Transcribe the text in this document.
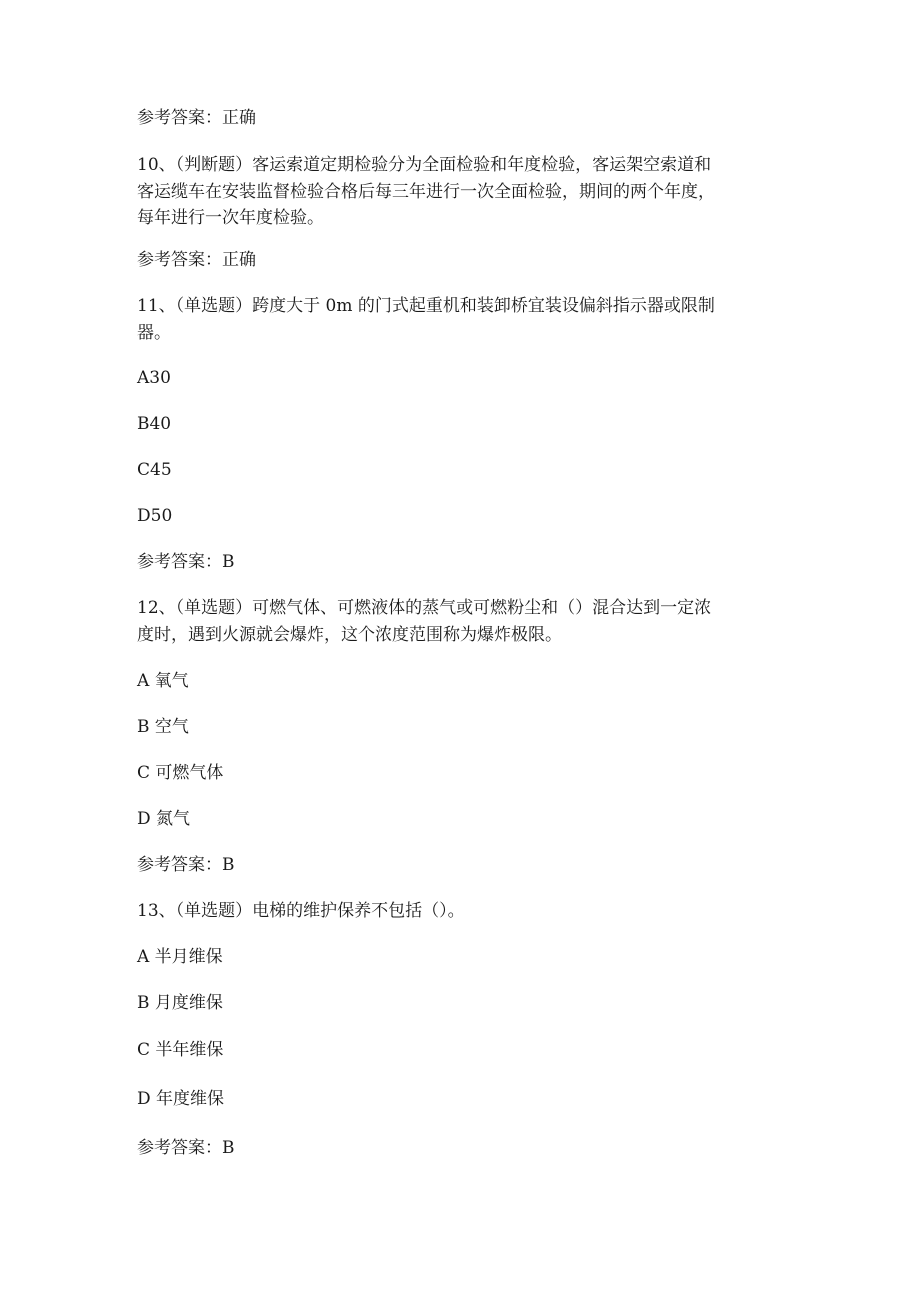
参考答案：正确
10、（判断题）客运索道定期检验分为全面检验和年度检验，客运架空索道和
客运缆车在安装监督检验合格后每三年进行一次全面检验，期间的两个年度，
每年进行一次年度检验。
参考答案：正确
11、（单选题）跨度大于 0m 的门式起重机和装卸桥宜装设偏斜指示器或限制
器。
A30
B40
C45
D50
参考答案：B
12、（单选题）可燃气体、可燃液体的蒸气或可燃粉尘和（）混合达到一定浓
度时，遇到火源就会爆炸，这个浓度范围称为爆炸极限。
A 氧气
B 空气
C 可燃气体
D 氮气
参考答案：B
13、（单选题）电梯的维护保养不包括（）。
A 半月维保
B 月度维保
C 半年维保
D 年度维保
参考答案：B
